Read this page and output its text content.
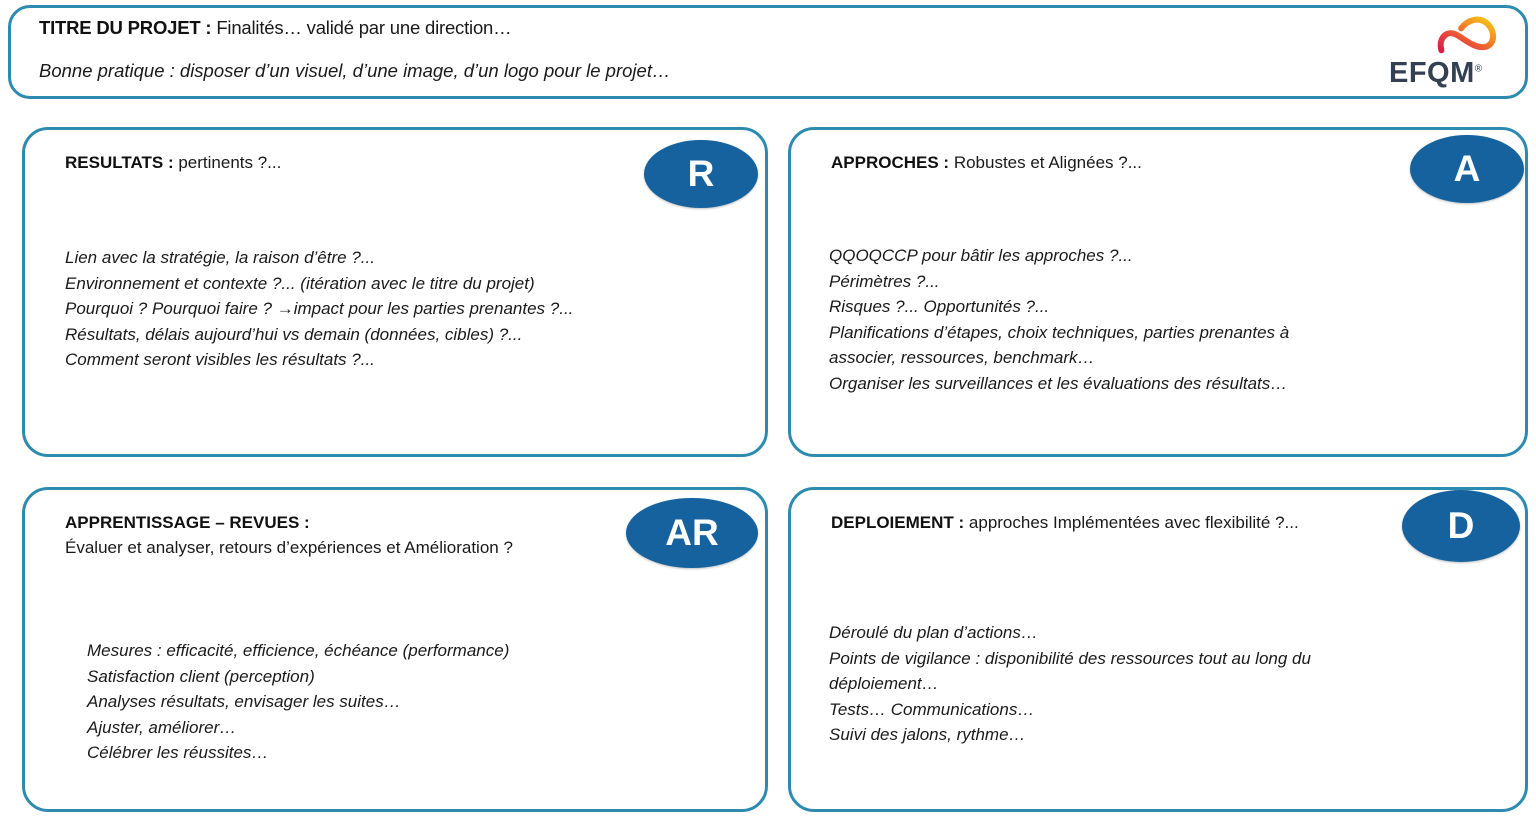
TITRE DU PROJET : Finalités… validé par une direction…
Bonne pratique : disposer d’un visuel, d’une image, d’un logo pour le projet…	EFQM®
RESULTATS : pertinents ?...
Lien avec la stratégie, la raison d’être ?...
Environnement et contexte ?... (itération avec le titre du projet)
Pourquoi ? Pourquoi faire ? →impact pour les parties prenantes ?...
Résultats, délais aujourd’hui vs demain (données, cibles) ?...
Comment seront visibles les résultats ?...
R	APPROCHES : Robustes et Alignées ?...
QQOQCCP pour bâtir les approches ?...
Périmètres ?...
Risques ?... Opportunités ?...
Planifications d’étapes, choix techniques, parties prenantes à
associer, ressources, benchmark…
Organiser les surveillances et les évaluations des résultats…
A
APPRENTISSAGE – REVUES :
Évaluer et analyser, retours d’expériences et Amélioration ?
Mesures : efficacité, efficience, échéance (performance)
Satisfaction client (perception)
Analyses résultats, envisager les suites…
Ajuster, améliorer…
Célébrer les réussites…
AR	DEPLOIEMENT : approches Implémentées avec flexibilité ?...
Déroulé du plan d’actions…
Points de vigilance : disponibilité des ressources tout au long du
déploiement…
Tests… Communications…
Suivi des jalons, rythme…
D
